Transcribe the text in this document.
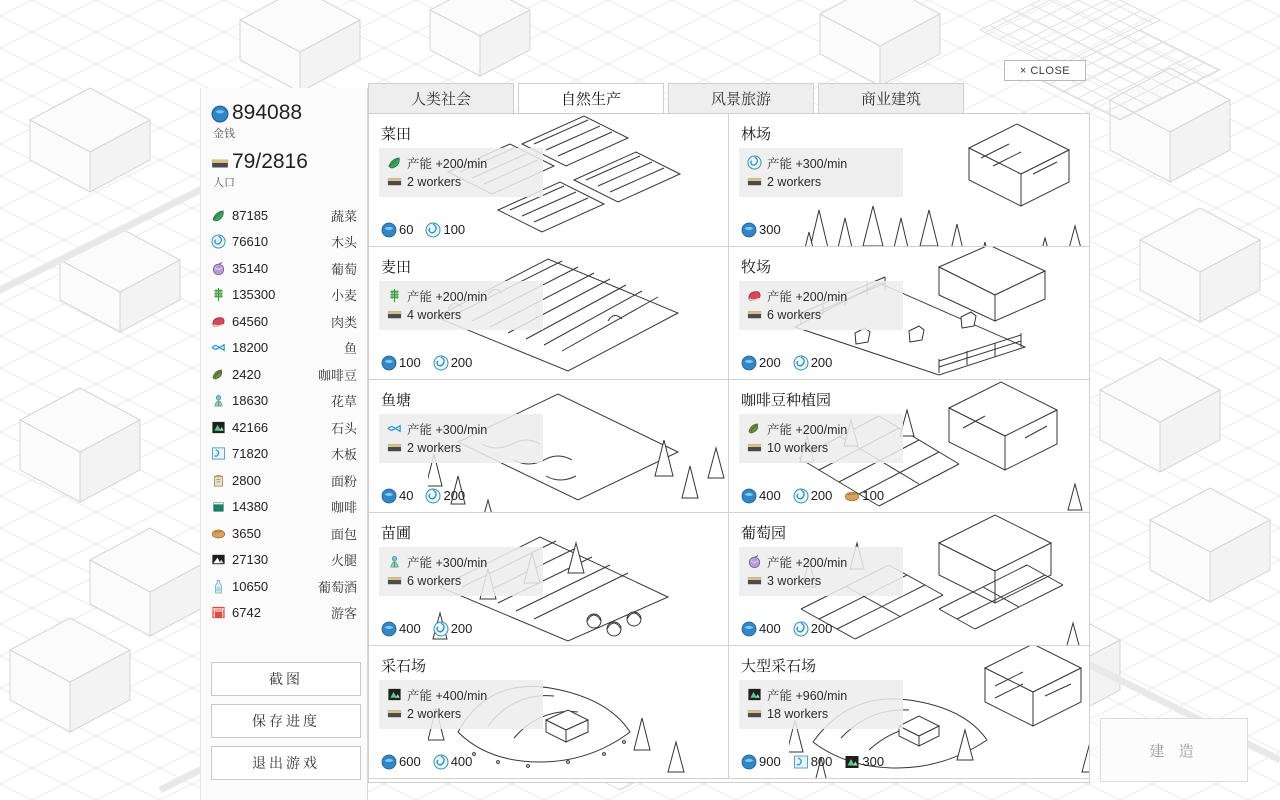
× CLOSE
894088
金钱
79/2816
人口
87185	蔬菜
76610	木头
35140	葡萄
135300	小麦
64560	肉类
18200	鱼
2420	咖啡豆
18630	花草
42166	石头
71820	木板
2800	面粉
14380	咖啡
3650	面包
27130	火腿
10650	葡萄酒
6742	游客
截图
保存进度
退出游戏
人类社会	自然生产	风景旅游	商业建筑
菜田
产能 +200/min
2 workers
60 100
林场
产能 +300/min
2 workers
300
麦田
产能 +200/min
4 workers
100 200
牧场
产能 +200/min
6 workers
200 200
鱼塘
产能 +300/min
2 workers
40 200
咖啡豆种植园
产能 +200/min
10 workers
400 200 100
苗圃
产能 +300/min
6 workers
400 200
葡萄园
产能 +200/min
3 workers
400 200
采石场
产能 +400/min
2 workers
600 400
大型采石场
产能 +960/min
18 workers
900 800 300
建 造
